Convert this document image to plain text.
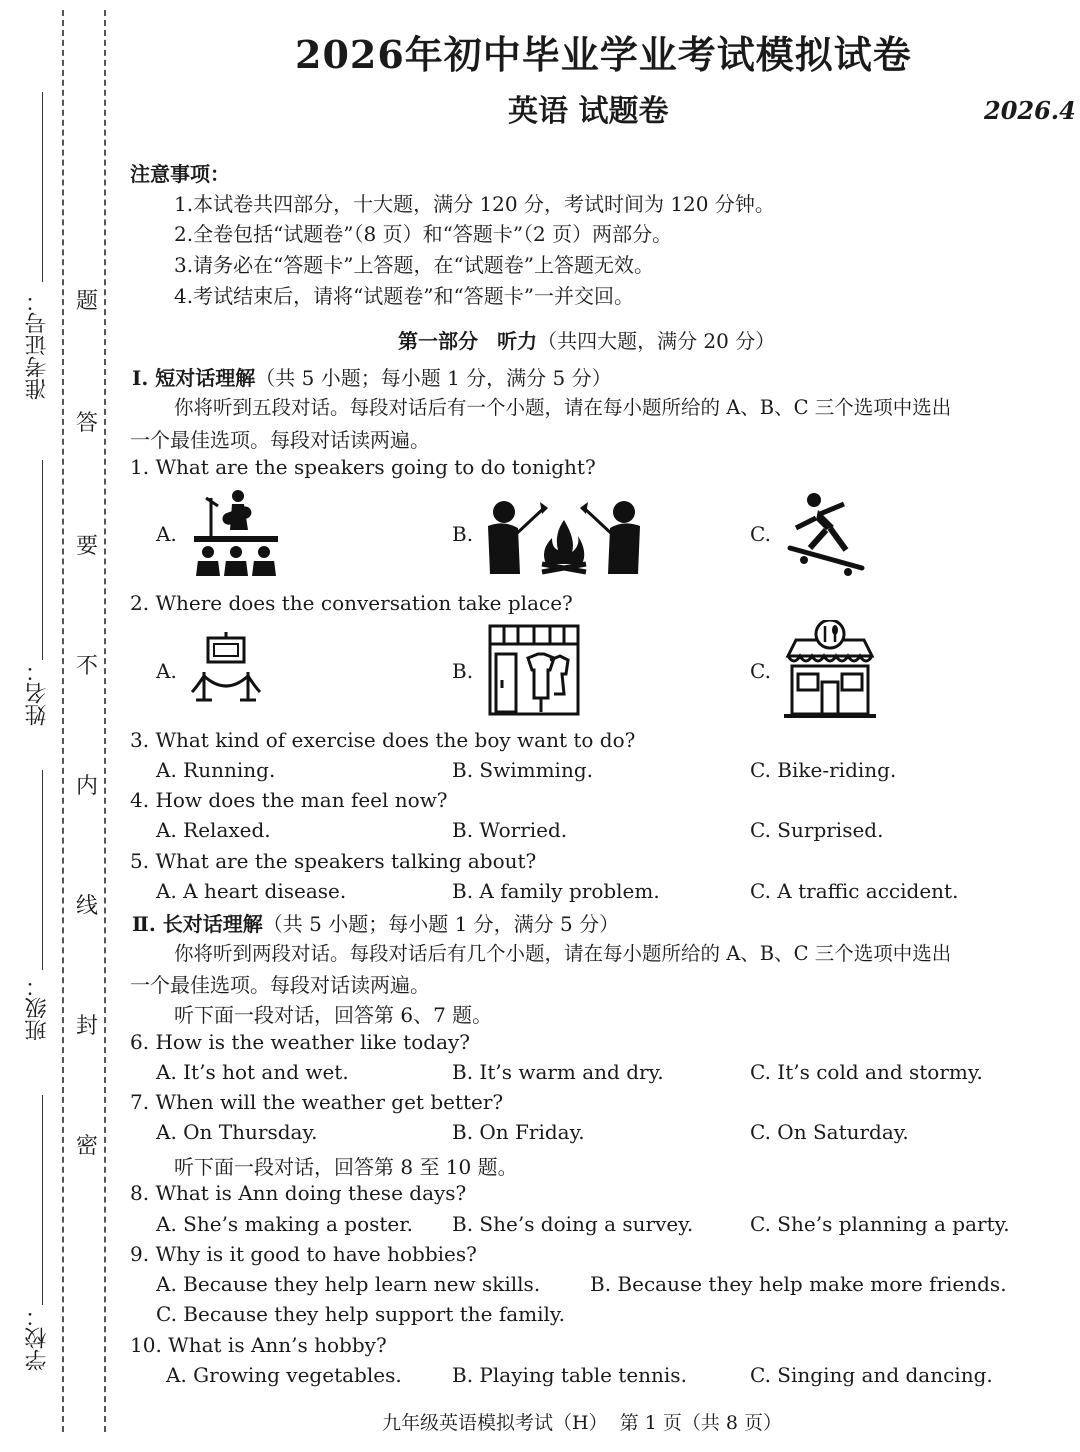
准考证号：
姓名：
班级：
学校：
题
答
要
不
内
线
封
密
2026年初中毕业学业考试模拟试卷
英语 试题卷	2026.4
注意事项：
1.本试卷共四部分，十大题，满分 120 分，考试时间为 120 分钟。
2.全卷包括“试题卷”（8 页）和“答题卡”（2 页）两部分。
3.请务必在“答题卡”上答题，在“试题卷”上答题无效。
4.考试结束后，请将“试题卷”和“答题卡”一并交回。
第一部分 听力（共四大题，满分 20 分）
Ⅰ. 短对话理解（共 5 小题；每小题 1 分，满分 5 分）
你将听到五段对话。每段对话后有一个小题，请在每小题所给的 A、B、C 三个选项中选出
一个最佳选项。每段对话读两遍。
1. What are the speakers going to do tonight?
A.	B.	C.
2. Where does the conversation take place?
A.	B.	C.
3. What kind of exercise does the boy want to do?
A. Running.	B. Swimming.	C. Bike-riding.
4. How does the man feel now?
A. Relaxed.	B. Worried.	C. Surprised.
5. What are the speakers talking about?
A. A heart disease.	B. A family problem.	C. A traffic accident.
Ⅱ. 长对话理解（共 5 小题；每小题 1 分，满分 5 分）
你将听到两段对话。每段对话后有几个小题，请在每小题所给的 A、B、C 三个选项中选出
一个最佳选项。每段对话读两遍。
听下面一段对话，回答第 6、7 题。
6. How is the weather like today?
A. It’s hot and wet.	B. It’s warm and dry.	C. It’s cold and stormy.
7. When will the weather get better?
A. On Thursday.	B. On Friday.	C. On Saturday.
听下面一段对话，回答第 8 至 10 题。
8. What is Ann doing these days?
A. She’s making a poster. B. She’s doing a survey.	C. She’s planning a party.
9. Why is it good to have hobbies?
A. Because they help learn new skills. B. Because they help make more friends.
C. Because they help support the family.
10. What is Ann’s hobby?
A. Growing vegetables.	B. Playing table tennis.	C. Singing and dancing.
九年级英语模拟考试（H）  第 1 页（共 8 页）
